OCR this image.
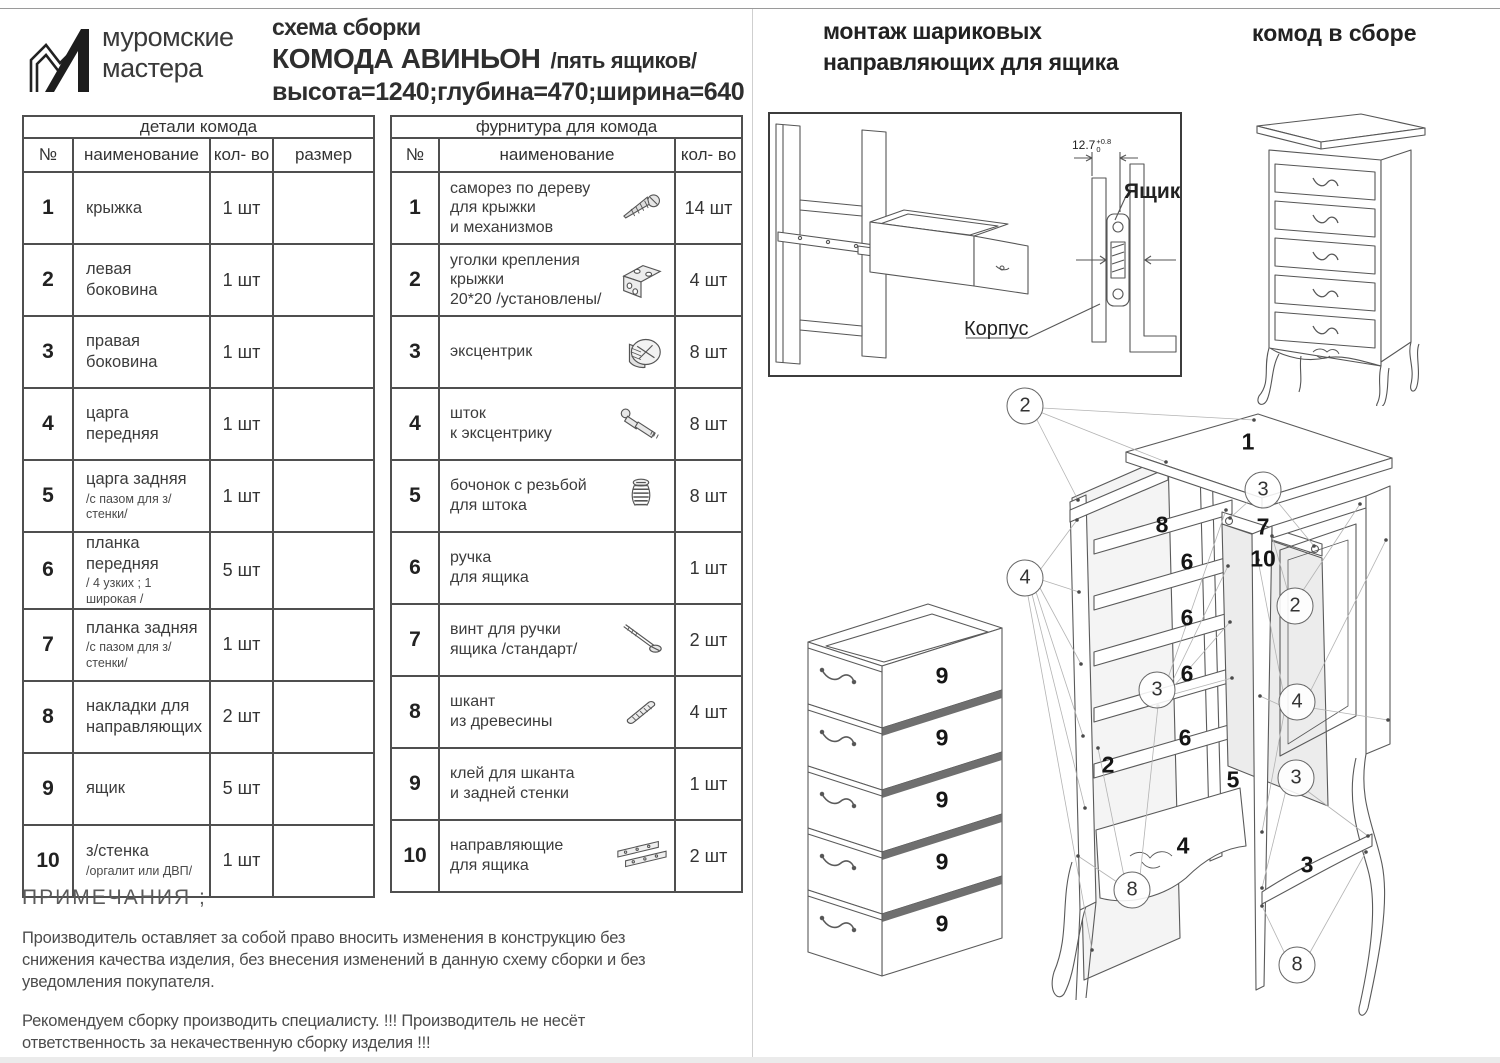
муромские
мастера
схема сборки
КОМОДА АВИНЬОН /пять ящиков/
высота=1240;глубина=470;ширина=640
детали комода			
№	наименование	кол- во	размер
1	крыжка	1 шт	
2	левая боковина	1 шт	
3	правая боковина	1 шт	
4	царга передняя	1 шт	
5	царга задняя
/с пазом для з/стенки/	1 шт	
6	планка передняя
/ 4 узких ; 1 широкая /	5 шт	
7	планка задняя
/с пазом для з/стенки/	1 шт	
8	накладки для
направляющих	2 шт	
9	ящик	5 шт	
10	з/стенка
/оргалит или ДВП/	1 шт	
фурнитура для комода		
№	наименование	кол- во
1	саморез по дереву
для крыжки
и механизмов	14 шт
2	уголки крепления
крыжки
20*20 /установлены/	4 шт
3	эксцентрик	8 шт
4	шток
к эксцентрику	8 шт
5	бочонок с резьбой
для штока	8 шт
6	ручка
для ящика	1 шт
7	винт для ручки
ящика /стандарт/	2 шт
8	шкант
из древесины	4 шт
9	клей для шканта
и задней стенки	1 шт
10	направляющие
для ящика	2 шт
ПРИМЕЧАНИЯ ;

Производитель оставляет за собой право вносить изменения в конструкцию без снижения качества изделия, без внесения изменений в данную схему сборки и без уведомления покупателя.

Рекомендуем сборку производить специалисту. !!! Производитель не несёт ответственность за некачественную сборку изделия !!!

монтаж шариковых
направляющих для ящика
12.7 +0.8
0
Ящик
Корпус
комод в сборе
2
4
3
2
3
4
3
8
8
1
8	7
10
6
6
6
6
2
5
4
3
9
9
9
9
9
